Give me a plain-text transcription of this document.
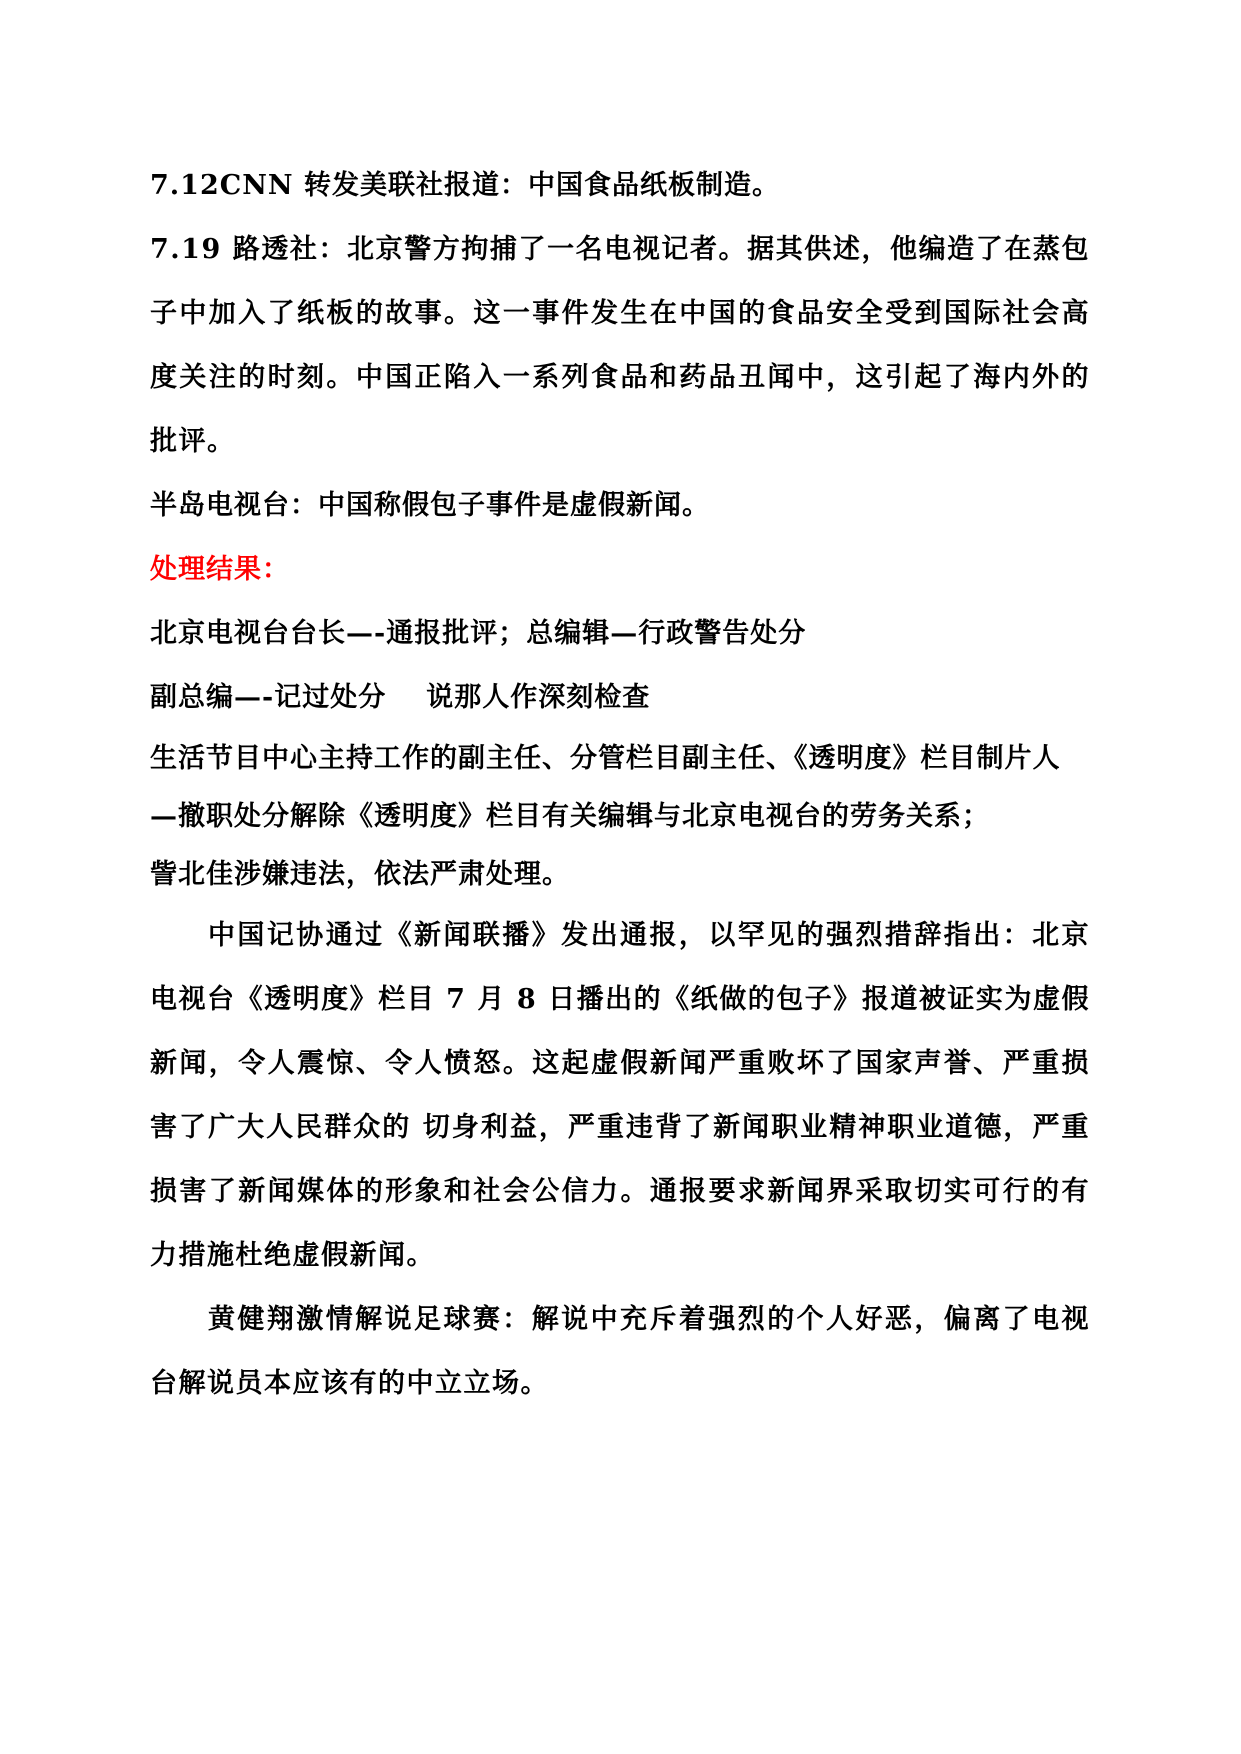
7.12CNN 转发美联社报道：中国食品纸板制造。
7.19 路透社：北京警方拘捕了一名电视记者。据其供述，他编造了在蒸包子中加入了纸板的故事。这一事件发生在中国的食品安全受到国际社会高度关注的时刻。中国正陷入一系列食品和药品丑闻中，这引起了海内外的批评。
半岛电视台：中国称假包子事件是虚假新闻。
处理结果：
北京电视台台长—-通报批评；总编辑—行政警告处分
副总编—-记过处分 说那人作深刻检查
生活节目中心主持工作的副主任、分管栏目副主任、《透明度》栏目制片人
—撤职处分解除《透明度》栏目有关编辑与北京电视台的劳务关系；
訾北佳涉嫌违法，依法严肃处理。
中国记协通过《新闻联播》发出通报，以罕见的强烈措辞指出：北京电视台《透明度》栏目 7 月 8 日播出的《纸做的包子》报道被证实为虚假新闻，令人震惊、令人愤怒。这起虚假新闻严重败坏了国家声誉、严重损害了广大人民群众的 切身利益，严重违背了新闻职业精神职业道德，严重损害了新闻媒体的形象和社会公信力。通报要求新闻界采取切实可行的有力措施杜绝虚假新闻。
黄健翔激情解说足球赛：解说中充斥着强烈的个人好恶，偏离了电视台解说员本应该有的中立立场。
